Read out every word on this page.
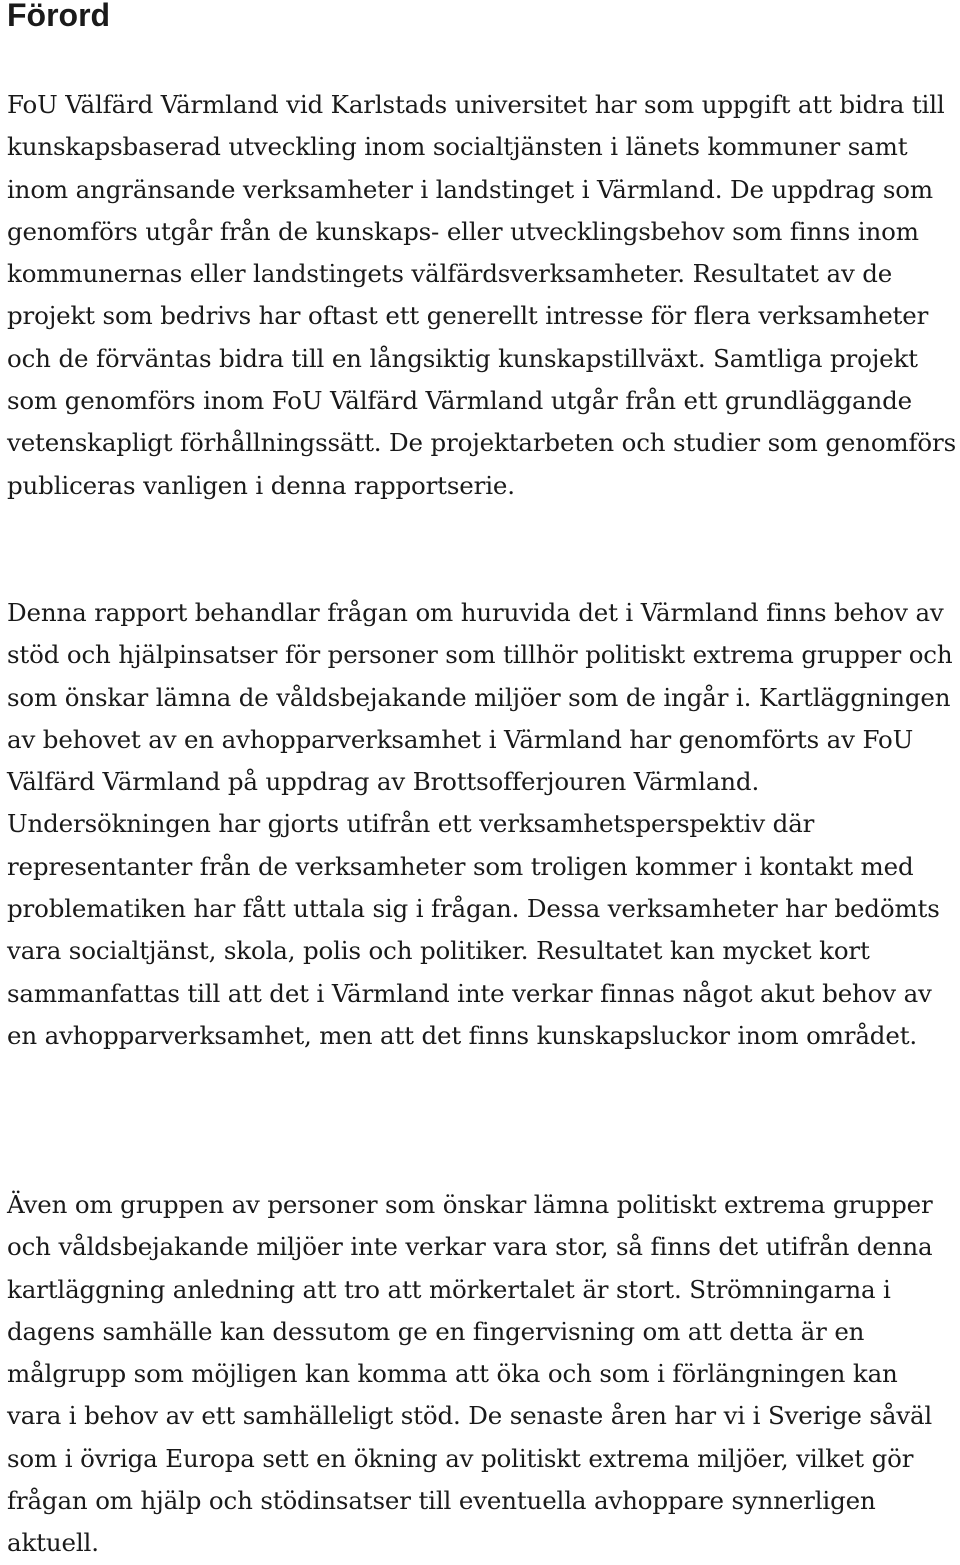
Förord

FoU Välfärd Värmland vid Karlstads universitet har som uppgift att bidra till kunskapsbaserad utveckling inom socialtjänsten i länets kommuner samt inom angränsande verksamheter i landstinget i Värmland. De uppdrag som genomförs utgår från de kunskaps- eller utvecklingsbehov som finns inom kommunernas eller landstingets välfärdsverksamheter. Resultatet av de projekt som bedrivs har oftast ett generellt intresse för flera verksamheter och de förväntas bidra till en långsiktig kunskapstillväxt. Samtliga projekt som genomförs inom FoU Välfärd Värmland utgår från ett grundläggande vetenskapligt förhållningssätt. De projektarbeten och studier som genomförs publiceras vanligen i denna rapportserie.

Denna rapport behandlar frågan om huruvida det i Värmland finns behov av stöd och hjälpinsatser för personer som tillhör politiskt extrema grupper och som önskar lämna de våldsbejakande miljöer som de ingår i. Kartläggningen av behovet av en avhopparverksamhet i Värmland har genomförts av FoU Välfärd Värmland på uppdrag av Brottsofferjouren Värmland. Undersökningen har gjorts utifrån ett verksamhetsperspektiv där representanter från de verksamheter som troligen kommer i kontakt med problematiken har fått uttala sig i frågan. Dessa verksamheter har bedömts vara socialtjänst, skola, polis och politiker. Resultatet kan mycket kort sammanfattas till att det i Värmland inte verkar finnas något akut behov av en avhopparverksamhet, men att det finns kunskapsluckor inom området.

Även om gruppen av personer som önskar lämna politiskt extrema grupper och våldsbejakande miljöer inte verkar vara stor, så finns det utifrån denna kartläggning anledning att tro att mörkertalet är stort. Strömningarna i dagens samhälle kan dessutom ge en fingervisning om att detta är en målgrupp som möjligen kan komma att öka och som i förlängningen kan vara i behov av ett samhälleligt stöd. De senaste åren har vi i Sverige såväl som i övriga Europa sett en ökning av politiskt extrema miljöer, vilket gör frågan om hjälp och stödinsatser till eventuella avhoppare synnerligen aktuell.
